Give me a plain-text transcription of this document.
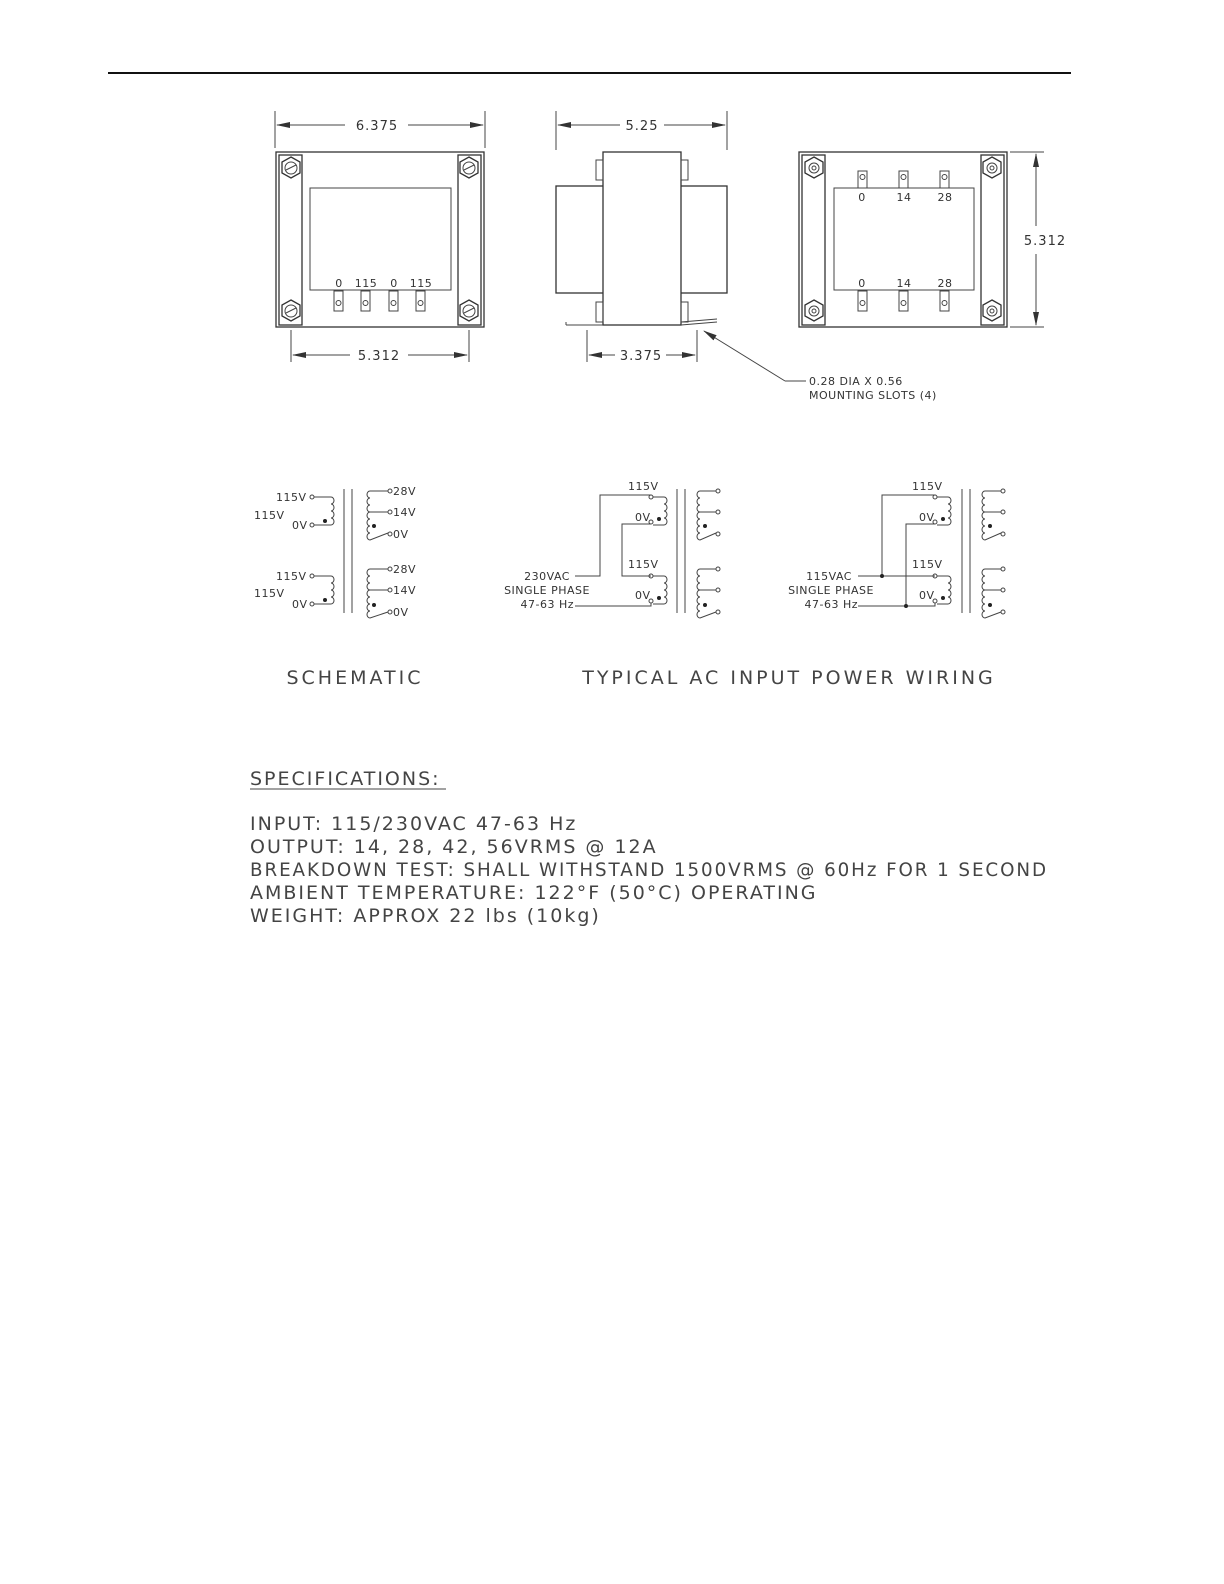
6.375
0 115 0 115
5.312
5.25
3.375
0.28 DIA X 0.56
MOUNTING SLOTS (4)
0	14 28
0	14 28
5.312
115V
0V
115V
115V
0V
115V
28V
14V
0V
28V
14V
0V
115V
0V
115V
0V
230VAC
SINGLE PHASE
47-63 Hz
115V
0V
115V
0V
115VAC
SINGLE PHASE
47-63 Hz
SCHEMATIC	TYPICAL AC INPUT POWER WIRING
SPECIFICATIONS:
INPUT: 115/230VAC 47-63 Hz
OUTPUT: 14, 28, 42, 56VRMS @ 12A
BREAKDOWN TEST: SHALL WITHSTAND 1500VRMS @ 60Hz FOR 1 SECOND
AMBIENT TEMPERATURE: 122°F (50°C) OPERATING
WEIGHT: APPROX 22 lbs (10kg)
